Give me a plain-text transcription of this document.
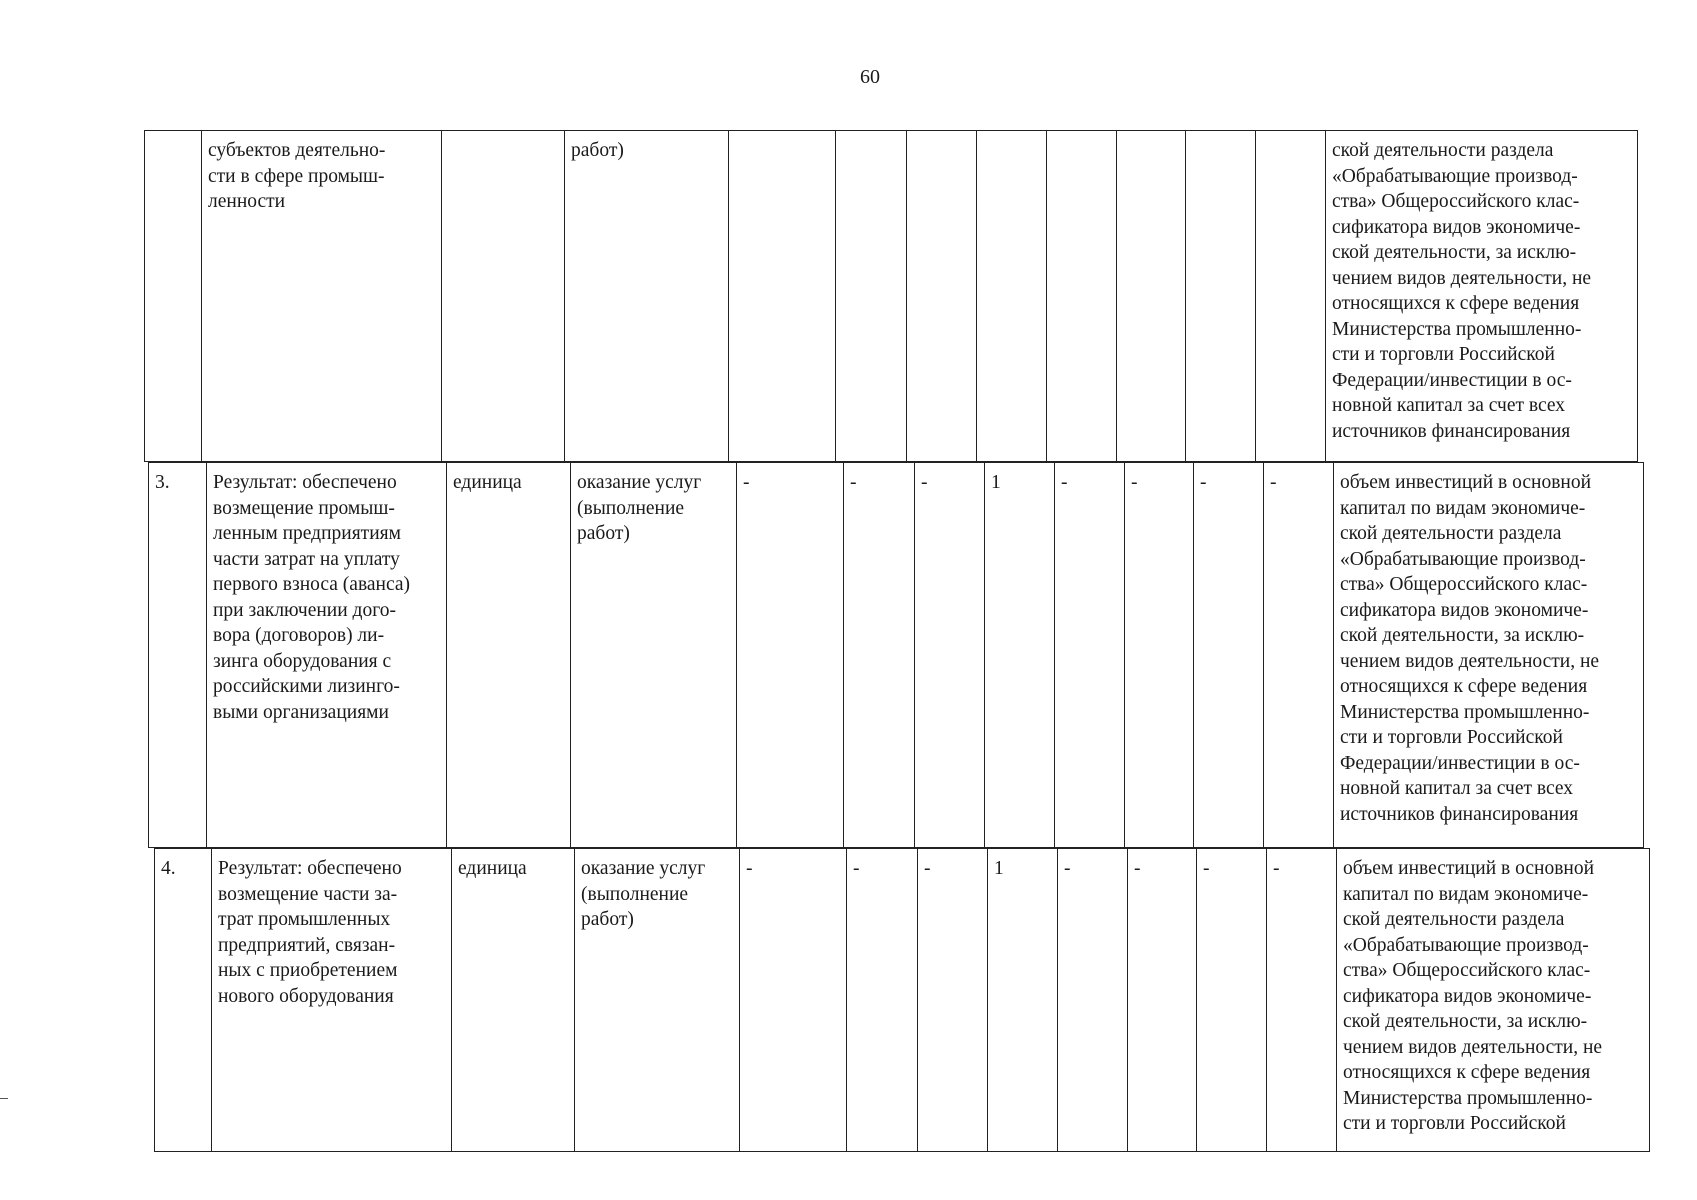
60
	субъектов деятельно-
сти в сфере промыш-
ленности		работ)									ской деятельности раздела
«Обрабатывающие производ-
ства» Общероссийского клас-
сификатора видов экономиче-
ской деятельности, за исклю-
чением видов деятельности, не
относящихся к сфере ведения
Министерства промышленно-
сти и торговли Российской
Федерации/инвестиции в ос-
новной капитал за счет всех
источников финансирования
3.	Результат: обеспечено
возмещение промыш-
ленным предприятиям
части затрат на уплату
первого взноса (аванса)
при заключении дого-
вора (договоров) ли-
зинга оборудования с
российскими лизинго-
выми организациями	единица	оказание услуг
(выполнение
работ)	-	-	-	1	-	-	-	-	объем инвестиций в основной
капитал по видам экономиче-
ской деятельности раздела
«Обрабатывающие производ-
ства» Общероссийского клас-
сификатора видов экономиче-
ской деятельности, за исклю-
чением видов деятельности, не
относящихся к сфере ведения
Министерства промышленно-
сти и торговли Российской
Федерации/инвестиции в ос-
новной капитал за счет всех
источников финансирования
4.	Результат: обеспечено
возмещение части за-
трат промышленных
предприятий, связан-
ных с приобретением
нового оборудования	единица	оказание услуг
(выполнение
работ)	-	-	-	1	-	-	-	-	объем инвестиций в основной
капитал по видам экономиче-
ской деятельности раздела
«Обрабатывающие производ-
ства» Общероссийского клас-
сификатора видов экономиче-
ской деятельности, за исклю-
чением видов деятельности, не
относящихся к сфере ведения
Министерства промышленно-
сти и торговли Российской
